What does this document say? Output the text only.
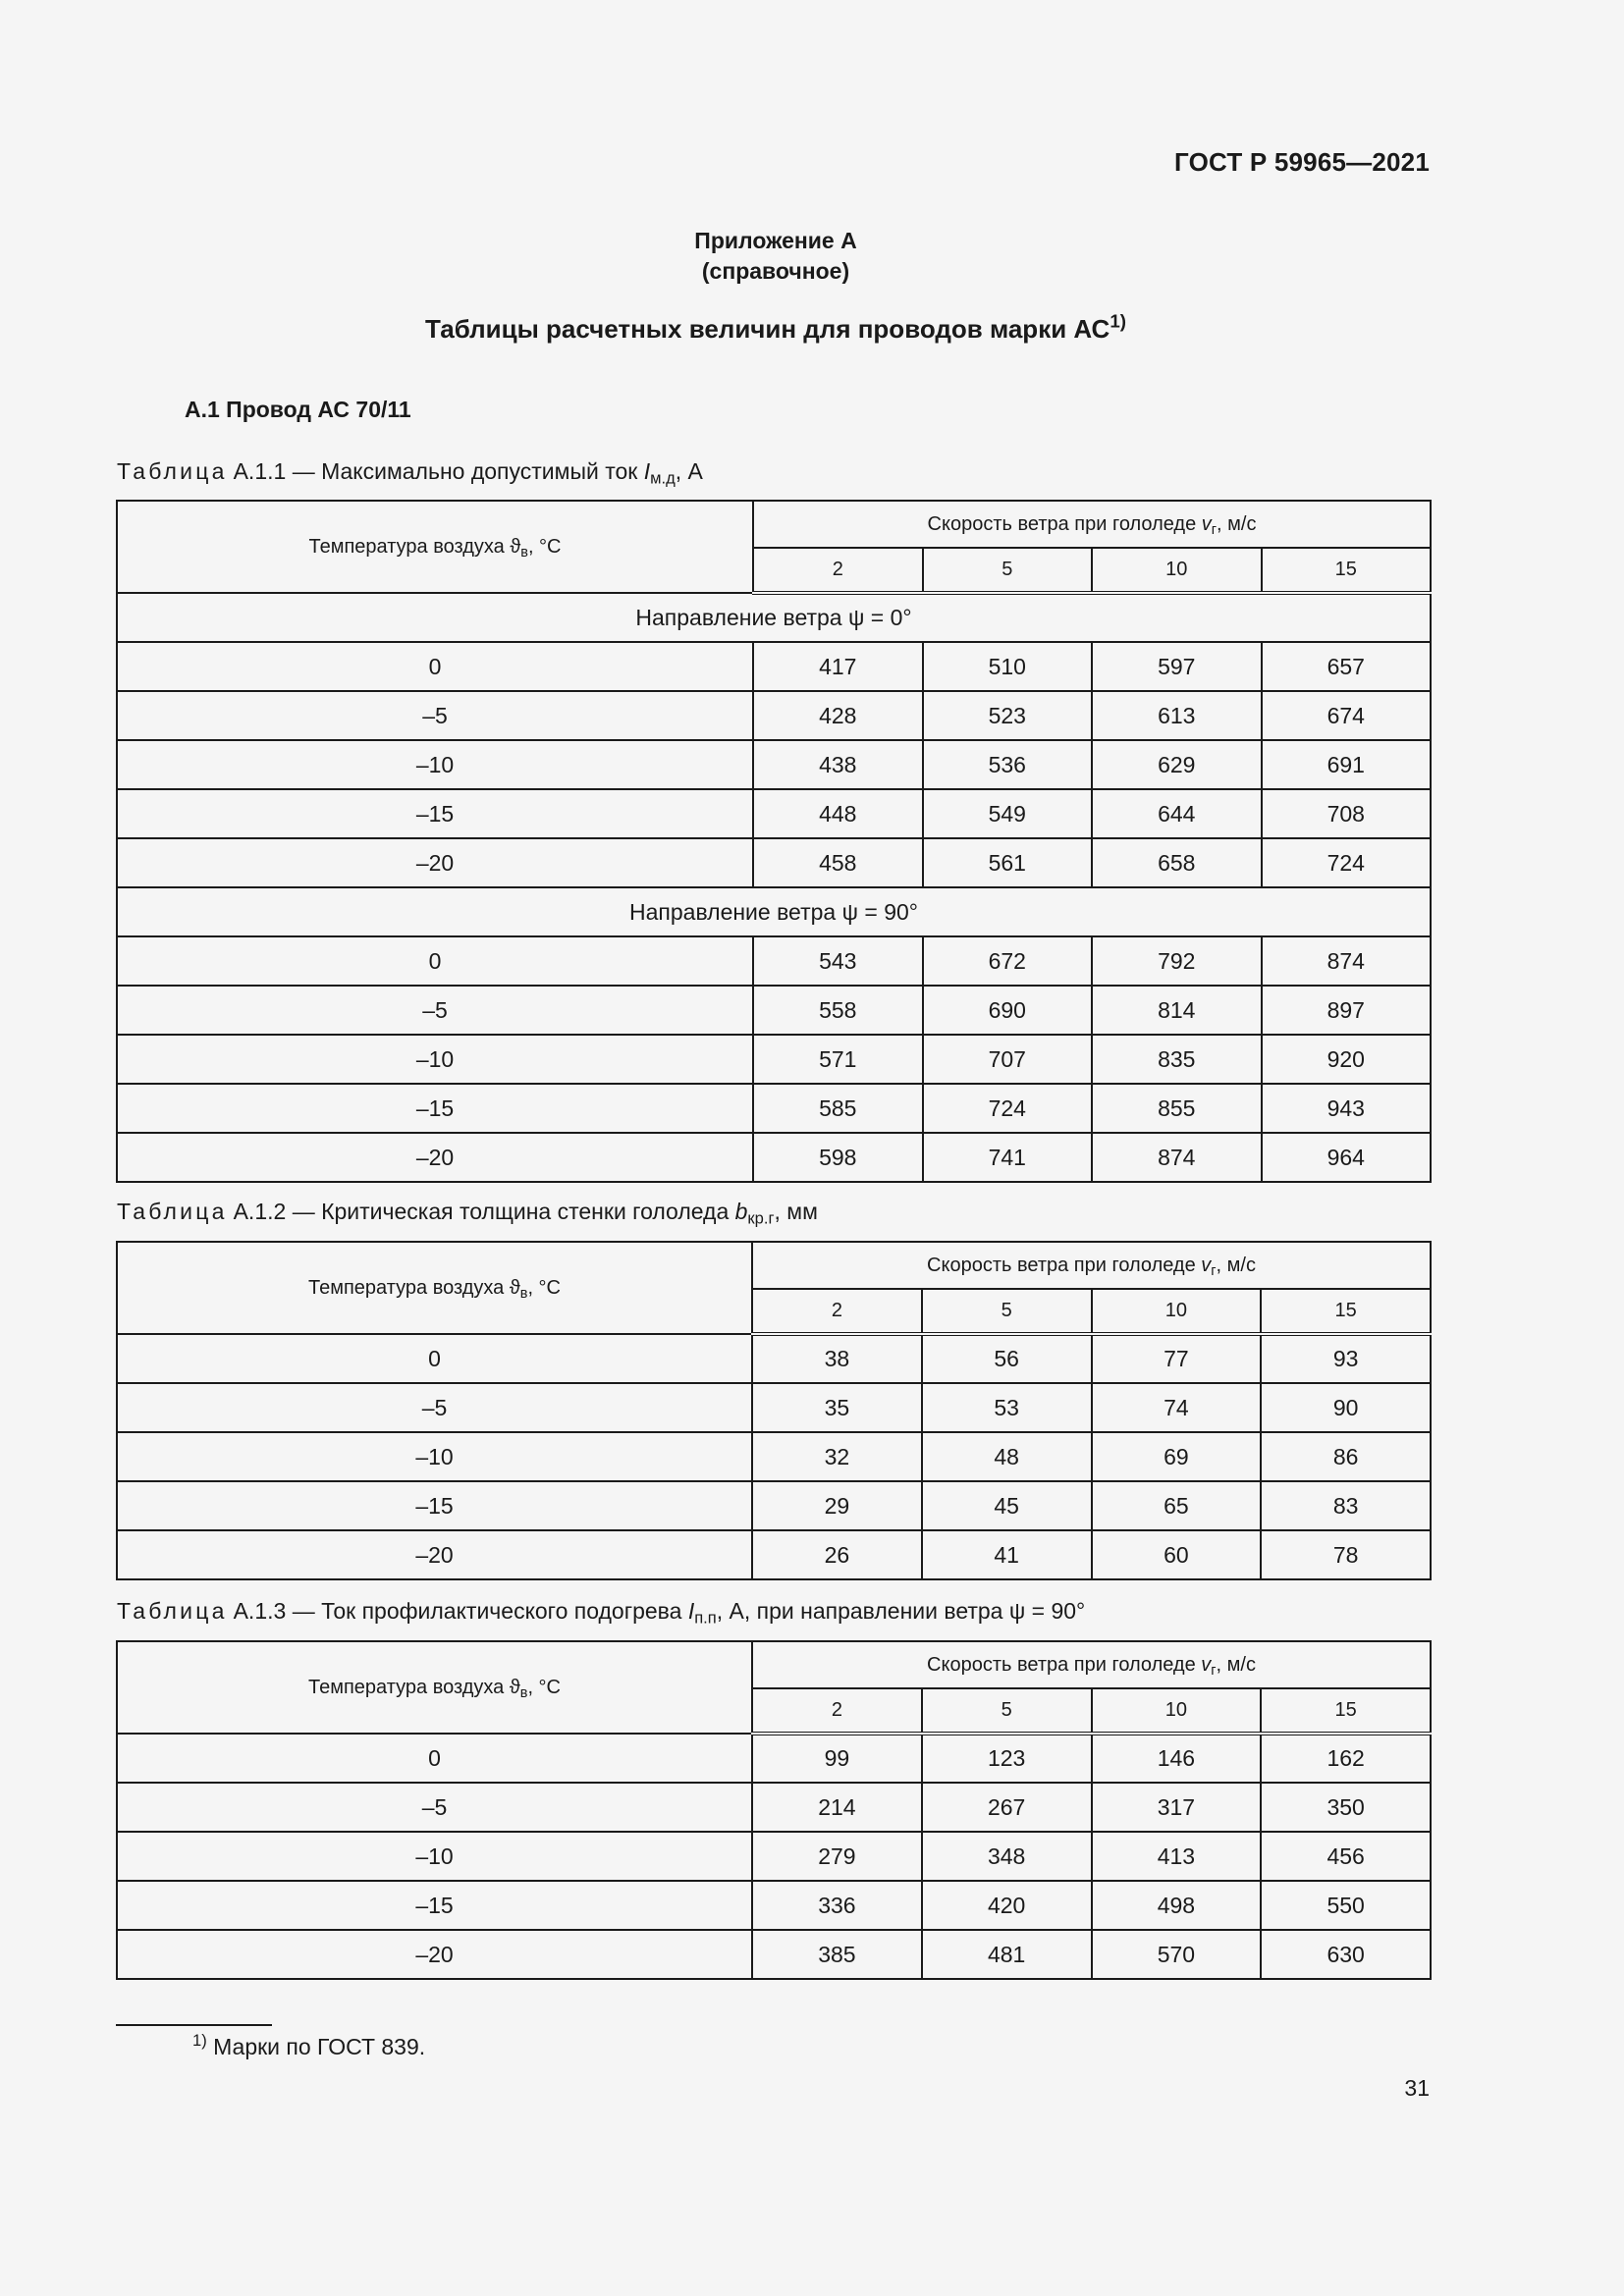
ГОСТ Р 59965—2021
Приложение А
(справочное)
Таблицы расчетных величин для проводов марки АС$^{1)}$
А.1 Провод АС 70/11
Таблица А.1.1 — Максимально допустимый ток $I_{м.д}$, А
Температура воздуха $ϑ_в$, °С	Скорость ветра при гололеде $v_г$, м/с			
	2	5	10	15
Направление ветра ψ = 0°				
0	417	510	597	657
–5	428	523	613	674
–10	438	536	629	691
–15	448	549	644	708
–20	458	561	658	724
Направление ветра ψ = 90°				
0	543	672	792	874
–5	558	690	814	897
–10	571	707	835	920
–15	585	724	855	943
–20	598	741	874	964
Таблица А.1.2 — Критическая толщина стенки гололеда $b_{кр.г}$, мм
Температура воздуха $ϑ_в$, °С	Скорость ветра при гололеде $v_г$, м/с			
	2	5	10	15
0	38	56	77	93
–5	35	53	74	90
–10	32	48	69	86
–15	29	45	65	83
–20	26	41	60	78
Таблица А.1.3 — Ток профилактического подогрева $I_{п.п}$, А, при направлении ветра ψ = 90°
Температура воздуха $ϑ_в$, °С	Скорость ветра при гололеде $v_г$, м/с			
	2	5	10	15
0	99	123	146	162
–5	214	267	317	350
–10	279	348	413	456
–15	336	420	498	550
–20	385	481	570	630
$^{1)}$ Марки по ГОСТ 839.
31
